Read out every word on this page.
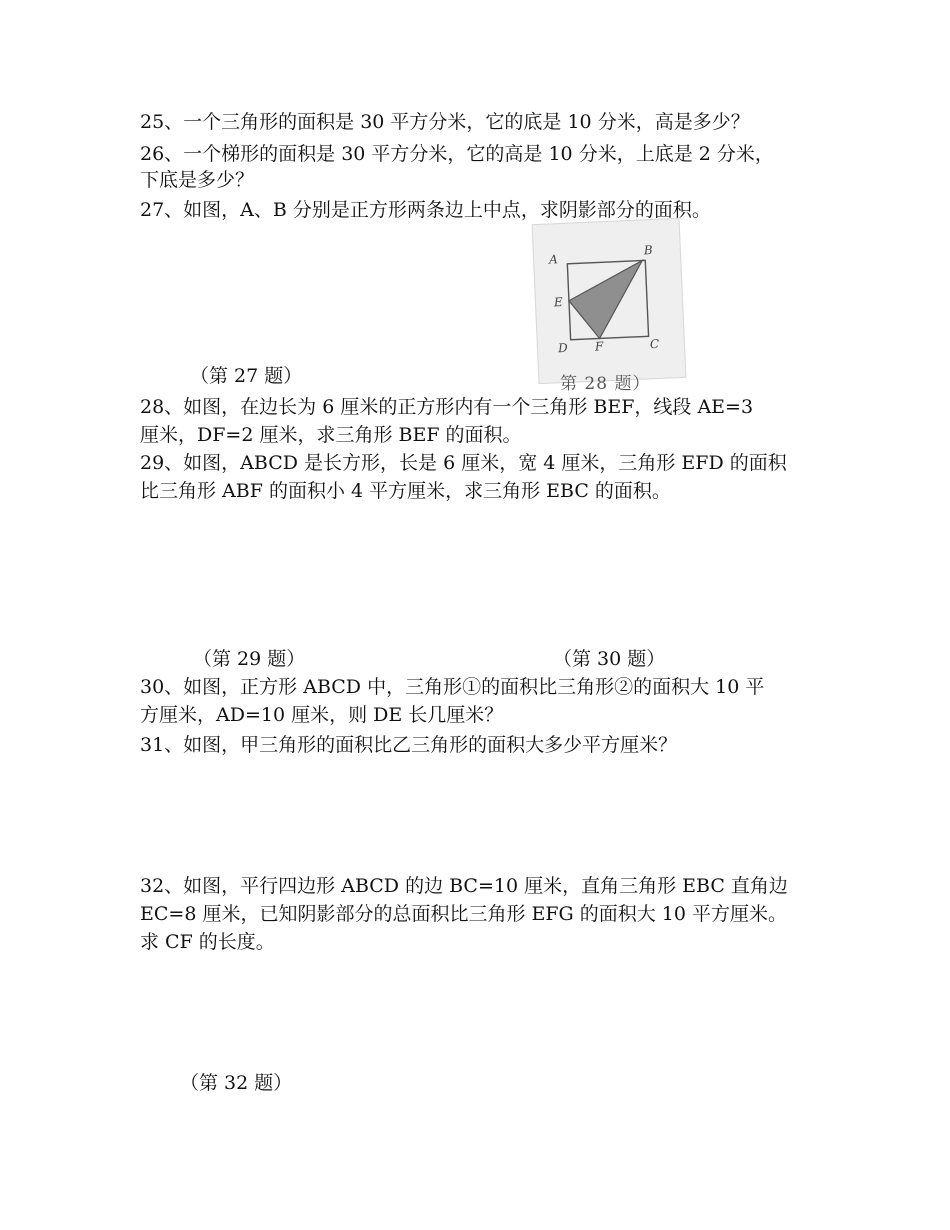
25、一个三角形的面积是 30 平方分米，它的底是 10 分米，高是多少？
26、一个梯形的面积是 30 平方分米，它的高是 10 分米，上底是 2 分米，
下底是多少？
27、如图，A、B 分别是正方形两条边上中点，求阴影部分的面积。
A
B
C
D
E
F
第 28 题）
（第 27 题）
28、如图，在边长为 6 厘米的正方形内有一个三角形 BEF，线段 AE=3
厘米，DF=2 厘米，求三角形 BEF 的面积。
29、如图，ABCD 是长方形，长是 6 厘米，宽 4 厘米，三角形 EFD 的面积
比三角形 ABF 的面积小 4 平方厘米，求三角形 EBC 的面积。
（第 29 题）	（第 30 题）
30、如图，正方形 ABCD 中，三角形①的面积比三角形②的面积大 10 平
方厘米，AD=10 厘米，则 DE 长几厘米？
31、如图，甲三角形的面积比乙三角形的面积大多少平方厘米？
32、如图，平行四边形 ABCD 的边 BC=10 厘米，直角三角形 EBC 直角边
EC=8 厘米，已知阴影部分的总面积比三角形 EFG 的面积大 10 平方厘米。
求 CF 的长度。
（第 32 题）
